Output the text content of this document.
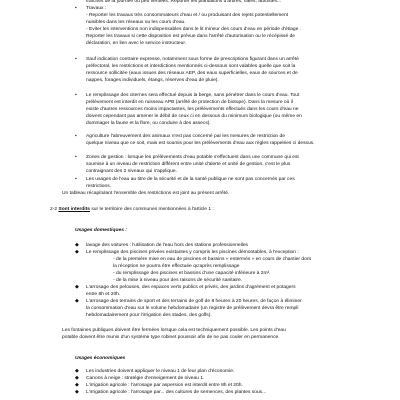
fraîches de la journée ou peu ventées. Reporter les plantations d'arbres, haies, arbustes...
▪ Travaux :
- Reporter les travaux très consommateurs d'eau et / ou produisant des rejets potentiellement
nuisibles dans les réseaux ou les cours d'eau.
- Eviter les interventions non indispensables dans le lit mineur des cours d'eau en période d'étiage .
Reporter les travaux si cette disposition est prévue dans l'arrêté d'autorisation ou le récépissé de
déclaration, en lien avec le service instructeur.
▪ Sauf indication contraire expresse, notamment sous forme de prescriptions figurant dans un arrêté
préfectoral, les restrictions et interdictions mentionnés ci-dessous sont valables quelle que soit la
ressource sollicitée (eaux issues des réseaux AEP, des eaux superficielles, eaux de sources et de
nappes, forages individuels, étangs, réserves d'eau de pluie).
▪ Le remplissage des citernes sera effectué depuis la berge, sans pénétrer dans le cours d'eau. Tout
prélèvement est interdit en ruisseau APB (arrêté de protection de biotope). Dans la mesure où il
existe d'autres ressources moins impactantes, les prélèvements effectués dans les cours d'eau ne
doivent cependant pas amener le débit de ceux ci en dessous du minimum biologique (ou même en
dommager la faune et la flore, ou conduire à des assecs).
▪ Agriculture l'abreuvement des animaux n'est pas concerné par les mesures de restriction de
quelque niveau que ce soit, mais est soumis pour les prélèvements d'eau aux règles rappelées ci dessus.
▪ Zones de gestion : lorsque les prélèvements d'eau potable s'effectuent dans une commune qui est
soumise à un niveau de restriction différent entre unité d'alerte et unité de gestion, c'est le plus
contraignant des 2 niveaux qui s'applique.
▪ Les usages de l'eau au titre de la sécurité et de la santé publique ne sont pas concernés par ces
restrictions.
Un tableau récapitulant l'ensemble des restrictions est joint au présent arrêté.
2-2 Sont interdits sur le territoire des communes mentionnées à l'article 1 :
Usages domestiques :
◆ lavage des voitures : l'utilisation de l'eau hors des stations professionnelles
◆ Le remplissage des piscines privées existantes y compris les piscines démontables, à l'exception :
- de la première mise en eau de piscines et bassins « entermés » en cours de chantier dont
la réception ne pourra être effectuée qu'après remplissage
- du remplissage des piscines et bassins d'une capacité inférieure à 2m³.
- de la mise à niveau pour des raisons de sécurité sanitaire.
◆ L'arrosage des pelouses, des espaces verts publics et privés, des jardins d'agrément et potagers
entre 8h et 20h.
◆ L'arrosage des terrains de sport et des terrains de golf de 8 heures à 20 heures, de façon à éliminer
la consommation d'eau sur le volume hebdomadaire (un registre de prélèvement devra être rempli
hebdomadairement pour l'irrigation des stades, des golfs).
Les fontaines publiques doivent être fermées lorsque cela est techniquement possible. Les points d'eau
potable doivent être munis d'un système type robinet poussoir afin de ne pas couler en permanence.
Usages économiques
◆ Les industries doivent appliquer le niveau 1 de leur plan d'économie.
◆ Canons à neige : stratégie d'enneigement de niveau 1.
◆ L'irrigation agricole : l'arrosage par aspersion est interdit entre 8h et 20h.
◆ L'irrigation agricole : l'arrosage par... des cultures de semences, des plantes sous...
